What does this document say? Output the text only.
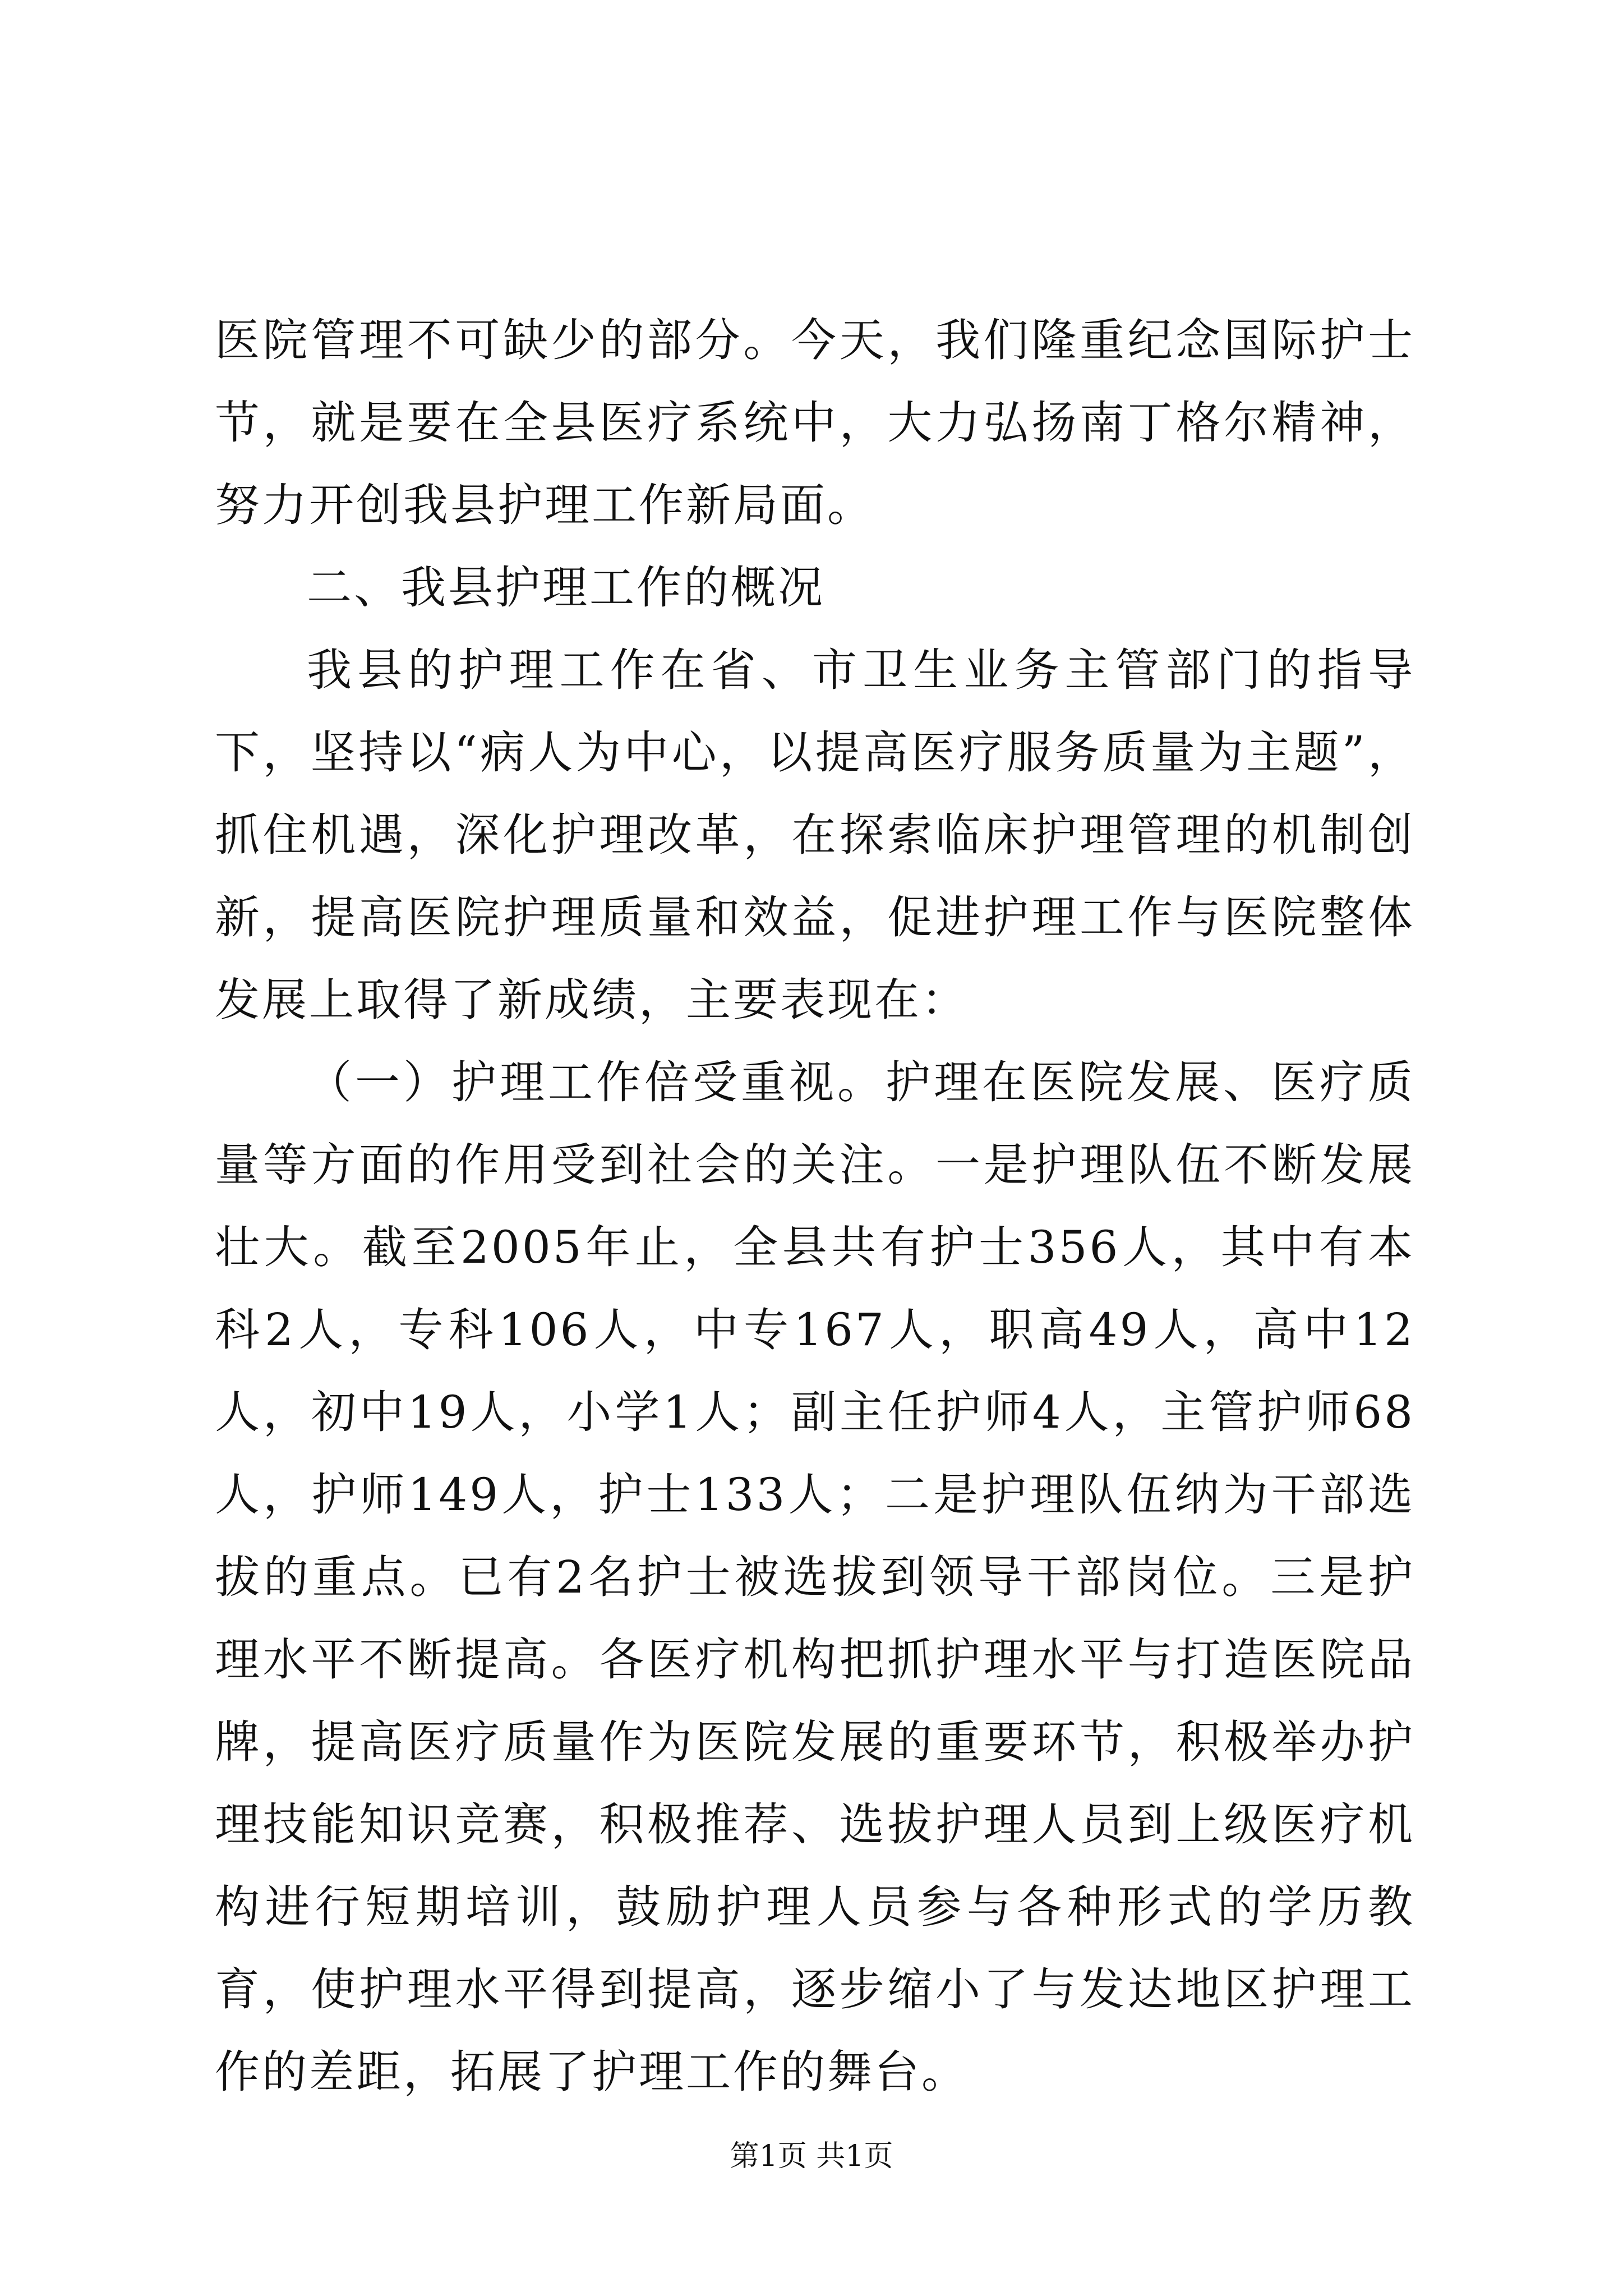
医院管理不可缺少的部分。今天，我们隆重纪念国际护士节，就是要在全县医疗系统中，大力弘扬南丁格尔精神，努力开创我县护理工作新局面。

二、我县护理工作的概况

我县的护理工作在省、市卫生业务主管部门的指导下，坚持以“病人为中心，以提高医疗服务质量为主题”，抓住机遇，深化护理改革，在探索临床护理管理的机制创新，提高医院护理质量和效益，促进护理工作与医院整体发展上取得了新成绩，主要表现在：

（一）护理工作倍受重视。护理在医院发展、医疗质量等方面的作用受到社会的关注。一是护理队伍不断发展壮大。截至2005年止，全县共有护士356人，其中有本科2人，专科106人，中专167人，职高49人，高中12人，初中19人，小学1人；副主任护师4人，主管护师68人，护师149人，护士133人；二是护理队伍纳为干部选拔的重点。已有2名护士被选拔到领导干部岗位。三是护理水平不断提高。各医疗机构把抓护理水平与打造医院品牌，提高医疗质量作为医院发展的重要环节，积极举办护理技能知识竞赛，积极推荐、选拔护理人员到上级医疗机构进行短期培训，鼓励护理人员参与各种形式的学历教育，使护理水平得到提高，逐步缩小了与发达地区护理工作的差距，拓展了护理工作的舞台。

第1页 共1页
